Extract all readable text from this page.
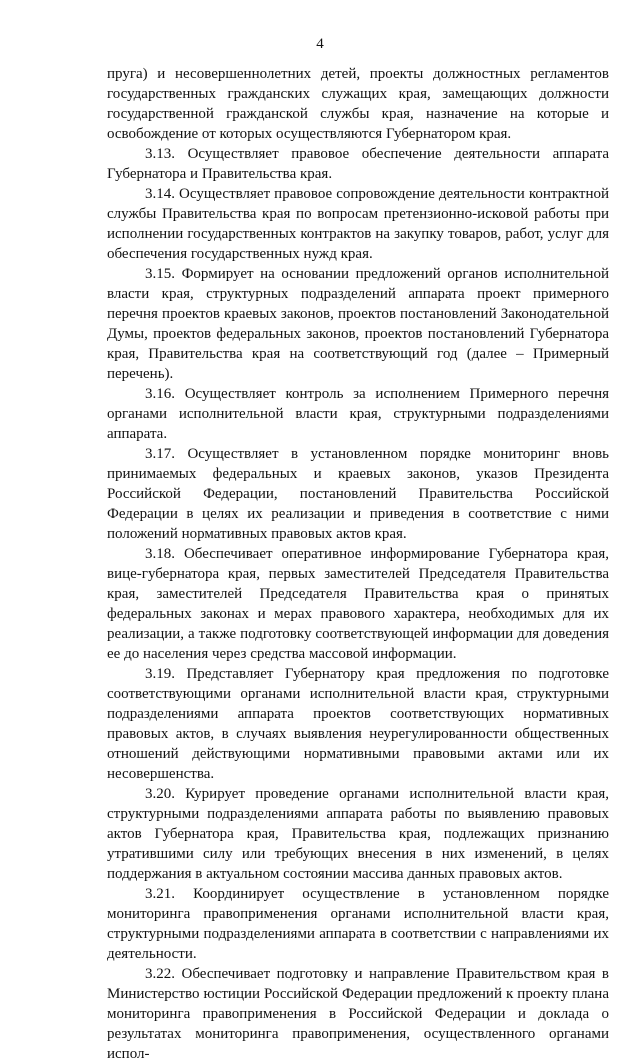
4

пруга) и несовершеннолетних детей, проекты должностных регламентов государственных гражданских служащих края, замещающих должности государственной гражданской службы края, назначение на которые и освобождение от которых осуществляются Губернатором края.

3.13. Осуществляет правовое обеспечение деятельности аппарата Губернатора и Правительства края.

3.14. Осуществляет правовое сопровождение деятельности контрактной службы Правительства края по вопросам претензионно-исковой работы при исполнении государственных контрактов на закупку товаров, работ, услуг для обеспечения государственных нужд края.

3.15. Формирует на основании предложений органов исполнительной власти края, структурных подразделений аппарата проект примерного перечня проектов краевых законов, проектов постановлений Законодательной Думы, проектов федеральных законов, проектов постановлений Губернатора края, Правительства края на соответствующий год (далее – Примерный перечень).

3.16. Осуществляет контроль за исполнением Примерного перечня органами исполнительной власти края, структурными подразделениями аппарата.

3.17. Осуществляет в установленном порядке мониторинг вновь принимаемых федеральных и краевых законов, указов Президента Российской Федерации, постановлений Правительства Российской Федерации в целях их реализации и приведения в соответствие с ними положений нормативных правовых актов края.

3.18. Обеспечивает оперативное информирование Губернатора края, вице-губернатора края, первых заместителей Председателя Правительства края, заместителей Председателя Правительства края о принятых федеральных законах и мерах правового характера, необходимых для их реализации, а также подготовку соответствующей информации для доведения ее до населения через средства массовой информации.

3.19. Представляет Губернатору края предложения по подготовке соответствующими органами исполнительной власти края, структурными подразделениями аппарата проектов соответствующих нормативных правовых актов, в случаях выявления неурегулированности общественных отношений действующими нормативными правовыми актами или их несовершенства.

3.20. Курирует проведение органами исполнительной власти края, структурными подразделениями аппарата работы по выявлению правовых актов Губернатора края, Правительства края, подлежащих признанию утратившими силу или требующих внесения в них изменений, в целях поддержания в актуальном состоянии массива данных правовых актов.

3.21. Координирует осуществление в установленном порядке мониторинга правоприменения органами исполнительной власти края, структурными подразделениями аппарата в соответствии с направлениями их деятельности.

3.22. Обеспечивает подготовку и направление Правительством края в Министерство юстиции Российской Федерации предложений к проекту плана мониторинга правоприменения в Российской Федерации и доклада о результатах мониторинга правоприменения, осуществленного органами испол-
